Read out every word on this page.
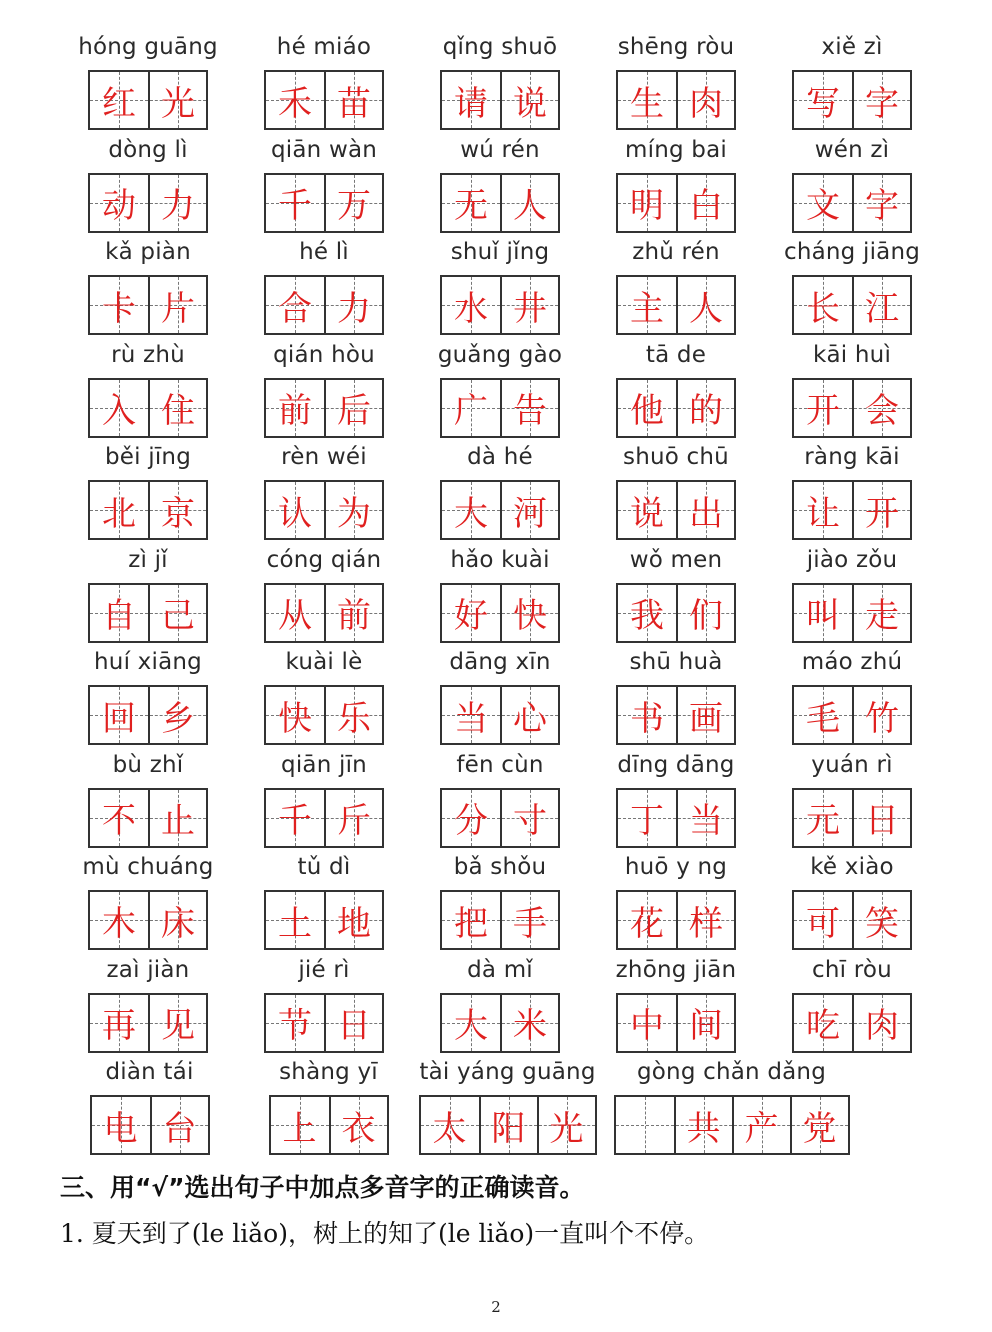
hóng guāng
红 光
hé miáo
禾 苗
qǐng shuō
请 说
shēng ròu
生 肉
xiě zì
写 字
dòng lì
动 力
qiān wàn
千 万
wú rén
无 人
míng bai
明 白
wén zì
文 字
kǎ piàn
卡 片
hé lì
合 力
shuǐ jǐng
水 井
zhǔ rén
主 人
cháng jiāng
长 江
rù zhù
入 住
qián hòu
前 后
guǎng gào
广 告
tā de
他 的
kāi huì
开 会
běi jīng
北 京
rèn wéi
认 为
dà hé
大 河
shuō chū
说 出
ràng kāi
让 开
zì jǐ
自 己
cóng qián
从 前
hǎo kuài
好 快
wǒ men
我 们
jiào zǒu
叫 走
huí xiāng
回 乡
kuài lè
快 乐
dāng xīn
当 心
shū huà
书 画
máo zhú
毛 竹
bù zhǐ
不 止
qiān jīn
千 斤
fēn cùn
分 寸
dīng dāng
丁 当
yuán rì
元 日
mù chuáng
木 床
tǔ dì
土 地
bǎ shǒu
把 手
huō y ng
花 样
kě xiào
可 笑
zaì jiàn
再 见
jié rì
节 日
dà mǐ
大 米
zhōng jiān
中 间
chī ròu
吃 肉
diàn tái
电 台
shàng yī
上 衣
tài yáng guāng
太 阳 光
gòng chǎn dǎng
共 产 党
三、用“√”选出句子中加点多音字的正确读音。
1. 夏天到了(le liǎo)，树上的知了(le liǎo)一直叫个不停。
2
